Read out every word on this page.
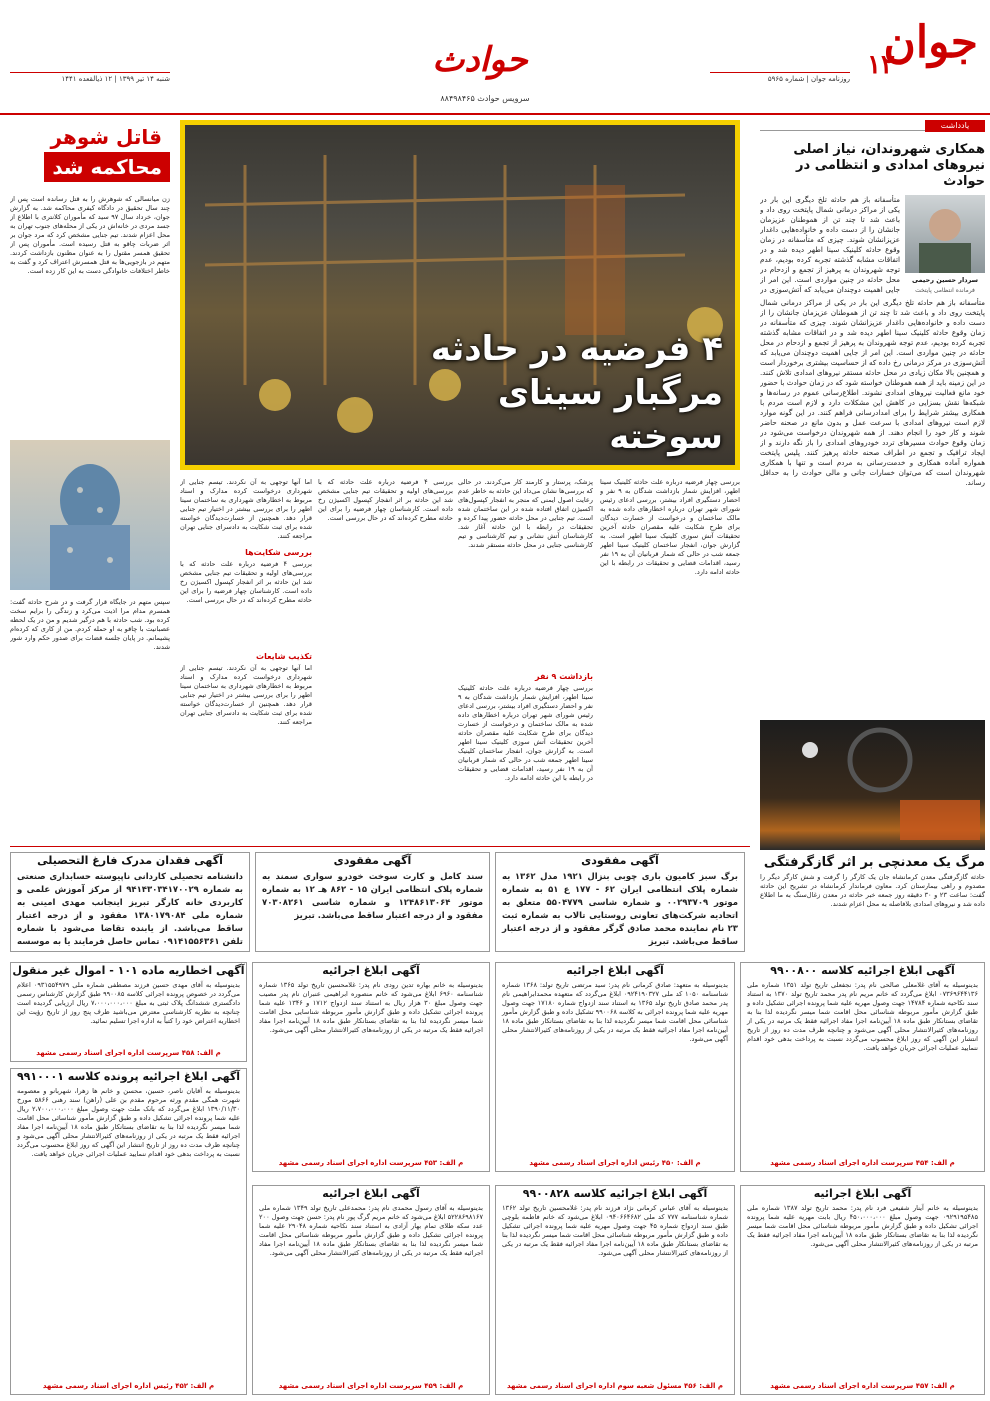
جوان
۱۲
روزنامه جوان | شماره ۵۹۶۵
حوادث
سرویس حوادث ۸۸۴۹۸۴۶۵
شنبه ۱۴ تیر ۱۳۹۹ | ۱۲ ذیالقعده ۱۴۴۱
یادداشت
همکاری شهروندان، نیاز اصلی نیروهای امدادی و انتظامی در حوادث
سردار حسین رحیمی
فرمانده انتظامی پایتخت
متأسفانه باز هم حادثه تلخ دیگری این بار در یکی از مراکز درمانی شمال پایتخت روی داد و باعث شد تا چند تن از هموطنان عزیزمان جانشان را از دست داده و خانواده‌هایی داغدار عزیزانشان شوند. چیزی که متأسفانه در زمان وقوع حادثه کلینیک سینا اطهر دیده شد و در اتفاقات مشابه گذشته تجربه کرده بودیم، عدم توجه شهروندان به پرهیز از تجمع و ازدحام در محل حادثه در چنین مواردی است. این امر از جایی اهمیت دوچندان می‌یابد که آتش‌سوزی در
متأسفانه باز هم حادثه تلخ دیگری این بار در یکی از مراکز درمانی شمال پایتخت روی داد و باعث شد تا چند تن از هموطنان عزیزمان جانشان را از دست داده و خانواده‌هایی داغدار عزیزانشان شوند. چیزی که متأسفانه در زمان وقوع حادثه کلینیک سینا اطهر دیده شد و در اتفاقات مشابه گذشته تجربه کرده بودیم، عدم توجه شهروندان به پرهیز از تجمع و ازدحام در محل حادثه در چنین مواردی است. این امر از جایی اهمیت دوچندان می‌یابد که آتش‌سوزی در مرکز درمانی رخ داده که از حساسیت بیشتری برخوردار است و همچنین بالا‌ مکان زیادی در محل حادثه مستقر نیروهای امدادی تلاش کنند. در این زمینه باید از همه هموطنان خواسته شود که در زمان حوادث با حضور خود مانع فعالیت نیروهای امدادی نشوند. اطلاع‌رسانی عموم در رسانه‌ها و شبکه‌ها نقش بسزایی در کاهش این مشکلات دارد و لازم است مردم با همکاری بیشتر شرایط را برای امدادرسانی فراهم کنند. در این گونه موارد لازم است نیروهای امدادی با سرعت عمل و بدون مانع در صحنه حاضر شوند و کار خود را انجام دهند. از همه شهروندان درخواست می‌شود در زمان وقوع حوادث مسیرهای تردد خودروهای امدادی را باز نگه دارند و از ایجاد ترافیک و تجمع در اطراف صحنه حادثه پرهیز کنند. پلیس پایتخت همواره آماده همکاری و خدمت‌رسانی به مردم است و تنها با همکاری شهروندان است که می‌توان خسارات جانی و مالی حوادث را به حداقل رساند.
مرگ یک معدنچی بر اثر گازگرفتگی
حادثه گازگرفتگی معدن کرمانشاه جان یک کارگر را گرفت و شش کارگر دیگر را مصدوم و راهی بیمارستان کرد. معاون فرماندار کرمانشاه در تشریح این حادثه گفت: ساعت ۲۳ و ۳۰ دقیقه روز جمعه خبر حادثه در معدن زغال‌سنگ به ما اطلاع داده شد و نیروهای امدادی بلافاصله به محل اعزام شدند.
۴ فرضیه در حادثه
مرگبار سینای سوخته
بررسی چهار فرضیه درباره علت حادثه کلینیک سینا اطهر، افزایش شمار بازداشت شدگان به ۹ نفر و احضار دستگیری افراد بیشتر، بررسی ادعای رئیس شورای شهر تهران درباره اخطارهای داده شده به مالک ساختمان و درخواست از خسارت دیدگان برای طرح شکایت علیه مقصران حادثه آخرین تحقیقات آتش سوزی کلینیک سینا اطهر است. به گزارش جوان، انفجار ساختمان کلینیک سینا اطهر جمعه شب در حالی که شمار قربانیان آن به ۱۹ نفر رسید، اقدامات قضایی و تحقیقات در رابطه با این حادثه ادامه دارد.
پزشک، پرستار و کارمند کار می‌کردند. در حالی که بررسی‌ها نشان می‌داد این حادثه به خاطر عدم رعایت اصول ایمنی که منجر به انفجار کپسول‌های اکسیژن اتفاق افتاده شده در این ساختمان شده است. تیم جنایی در محل حادثه حضور پیدا کرده و تحقیقات در رابطه با این حادثه آغاز شد. کارشناسان آتش نشانی و تیم کارشناسی و تیم کارشناسی جنایی در محل حادثه مستقر شدند.
بازداشت ۹ نفر
بررسی چهار فرضیه درباره علت حادثه کلینیک سینا اطهر، افزایش شمار بازداشت شدگان به ۹ نفر و احضار دستگیری افراد بیشتر، بررسی ادعای رئیس شورای شهر تهران درباره اخطارهای داده شده به مالک ساختمان و درخواست از خسارت دیدگان برای طرح شکایت علیه مقصران حادثه آخرین تحقیقات آتش سوزی کلینیک سینا اطهر است. به گزارش جوان، انفجار ساختمان کلینیک سینا اطهر جمعه شب در حالی که شمار قربانیان آن به ۱۹ نفر رسید، اقدامات قضایی و تحقیقات در رابطه با این حادثه ادامه دارد.
بررسی ۴ فرضیه درباره علت حادثه که با بررسی‌های اولیه و تحقیقات تیم جنایی مشخص شد این حادثه بر اثر انفجار کپسول اکسیژن رخ داده است. کارشناسان چهار فرضیه را برای این حادثه مطرح کرده‌اند که در حال بررسی است.
بررسی شکایت‌ها
اما آنها توجهی به آن نکردند. تیسم جنایی از شهرداری درخواست کرده مدارک و اسناد مربوط به اخطارهای شهرداری به ساختمان سینا اطهر را برای بررسی بیشتر در اختیار تیم جنایی قرار دهد. همچنین از خسارت‌دیدگان خواسته شده برای ثبت شکایت به دادسرای جنایی تهران مراجعه کنند.
بررسی ۴ فرضیه درباره علت حادثه که با بررسی‌های اولیه و تحقیقات تیم جنایی مشخص شد این حادثه بر اثر انفجار کپسول اکسیژن رخ داده است. کارشناسان چهار فرضیه را برای این حادثه مطرح کرده‌اند که در حال بررسی است.
تکذیب شایعات
اما آنها توجهی به آن نکردند. تیسم جنایی از شهرداری درخواست کرده مدارک و اسناد مربوط به اخطارهای شهرداری به ساختمان سینا اطهر را برای بررسی بیشتر در اختیار تیم جنایی قرار دهد. همچنین از خسارت‌دیدگان خواسته شده برای ثبت شکایت به دادسرای جنایی تهران مراجعه کنند.
قاتل شوهر
محاکمه شد
زن میانسالی که شوهرش را به قتل رسانده است پس از چند سال تحقیق در دادگاه کیفری محاکمه شد. به گزارش جوان، خرداد سال ۹۷ سید که مأموران کلانتری با اطلاع از جسد مردی در خانه‌اش در یکی از محله‌های جنوب تهران به محل اعزام شدند. تیم جنایی مشخص کرد که مرد جوان بر اثر ضربات چاقو به قتل رسیده است. مأموران پس از تحقیق همسر مقتول را به عنوان مظنون بازداشت کردند. متهم در بازجویی‌ها به قتل همسرش اعتراف کرد و گفت به خاطر اختلافات خانوادگی دست به این کار زده است.
سپس متهم در جایگاه قرار گرفت و در شرح حادثه گفت: همسرم مدام مرا اذیت می‌کرد و زندگی را برایم سخت کرده بود. شب حادثه با هم درگیر شدیم و من در یک لحظه عصبانیت با چاقو به او حمله کردم. من از کاری که کرده‌ام پشیمانم. در پایان جلسه قضات برای صدور حکم وارد شور شدند.
آگهی مفقودی
برگ سبز کامیون باری چوبی بنزال ۱۹۲۱ مدل ۱۳۶۲ به شماره پلاک انتظامی ایران ۶۲ - ۱۷۷ ع ۵۱ به شماره موتور ۰۰۲۹۳۷۰۹ و شماره شاسی ۵۵۰۴۷۷۹ متعلق به اتحادیه شرکت‌های تعاونی روستایی تالاب به شماره ثبت ۲۳ نام نماینده محمد صادق گرگر مفقود و از درجه اعتبار ساقط می‌باشد. تبریز
آگهی مفقودی
سند کامل و کارت سوخت خودرو سواری سمند به شماره پلاک انتظامی ایران ۱۵ - ۸۶۲ هـ ۱۲ به شماره موتور ۱۲۴۸۶۱۳۰۶۴ و شماره شاسی ۷۰۳۰۸۲۶۱ مفقود و از درجه اعتبار ساقط می‌باشد. تبریز
آگهی فقدان مدرک فارغ التحصیلی
دانشنامه تحصیلی کاردانی ناپیوسته حسابداری صنعتی به شماره ۹۴۱۴۳۰۳۴۱۷۰۰۲۹ از مرکز آموزش علمی و کاربردی خانه کارگر تبریز اینجانب مهدی امینی به شماره ملی ۱۳۸۰۱۷۹۰۸۴ مفقود و از درجه اعتبار ساقط می‌باشد. از یابنده تقاضا می‌شود با شماره تلفن ۰۹۱۴۱۵۵۶۳۶۱ تماس حاصل فرمایند یا به موسسه
آگهی ابلاغ اجرائیه کلاسه ۹۹۰۰۸۰۰
بدینوسیله به آقای غلامعلی صالحی نام پدر: نجفعلی تاریخ تولد ۱۳۵۱ شماره ملی ۰۷۳۶۹۶۴۴۱۳۶ ابلاغ می‌گردد که خانم مریم نام پدر محمد تاریخ تولد ۱۳۷۰ به استناد سند نکاحیه شماره ۱۴۷۸۴ جهت وصول مهریه علیه شما پرونده اجرائی تشکیل داده و طبق گزارش مأمور مربوطه شناسائی محل اقامت شما میسر نگردیده لذا بنا به تقاضای بستانکار طبق ماده ۱۸ آیین‌نامه اجرا مفاد اجرائیه فقط یک مرتبه در یکی از روزنامه‌های کثیرالانتشار محلی آگهی می‌شود و چنانچه ظرف مدت ده روز از تاریخ انتشار این آگهی که روز ابلاغ محسوب می‌گردد نسبت به پرداخت بدهی خود اقدام ننمایید عملیات اجرائی جریان خواهد یافت.
م الف: ۴۵۴ سرپرست اداره اجرای اسناد رسمی مشهد
آگهی ابلاغ اجرائیه
بدینوسیله به متعهد: صادق کرمانی نام پدر: سید مرتضی تاریخ تولد: ۱۳۶۸ شماره شناسنامه ۱۰۵۰ کد ملی ۰۹۲۴۱۹۰۳۲۷ ابلاغ می‌گردد که متعهده محمدابراهیمی نام پدر محمد صادق تاریخ تولد ۱۳۶۵ به استناد سند ازدواج شماره ۱۷۱۸۰ جهت وصول مهریه علیه شما پرونده اجرائی به کلاسه ۹۹۰۰۶۸ تشکیل داده و طبق گزارش مأمور شناسائی محل اقامت شما میسر نگردیده لذا بنا به تقاضای بستانکار طبق ماده ۱۸ آیین‌نامه اجرا مفاد اجرائیه فقط یک مرتبه در یکی از روزنامه‌های کثیرالانتشار محلی آگهی می‌شود.
م الف: ۴۵۰ رئیس اداره اجرای اسناد رسمی مشهد
آگهی ابلاغ اجرائیه
بدینوسیله به خانم بهاره تدین رودی نام پدر: غلامحسین تاریخ تولد ۱۳۶۵ شماره شناسنامه ۶۹۶۰ ابلاغ می‌شود که خانم منصوره ابراهیمی عنبران نام پدر مصیب جهت وصول مبلغ ۳۰ هزار ریال به استناد سند ازدواج ۱۷۱۲ و ۱۳۴۶ علیه شما پرونده اجرائی تشکیل داده و طبق گزارش مأمور مربوطه شناسایی محل اقامت شما میسر نگردیده لذا بنا به تقاضای بستانکار طبق ماده ۱۸ آیین‌نامه اجرا مفاد اجرائیه فقط یک مرتبه در یکی از روزنامه‌های کثیرالانتشار محلی آگهی می‌شود.
م الف: ۴۵۳ سرپرست اداره اجرای اسناد رسمی مشهد
آگهی اخطاریه ماده ۱۰۱ - اموال غیر منقول
بدینوسیله به آقای مهدی حسین فرزند مصطفی شماره ملی ۰۹۳۱۵۵۴۹۷۹ اعلام می‌گردد در خصوص پرونده اجرائی کلاسه ۹۹۰۰۸۵ طبق گزارش کارشناس رسمی دادگستری ششدانگ پلاک ثبتی به مبلغ ۷،۰۰۰،۰۰۰،۰۰۰ ریال ارزیابی گردیده است چنانچه به نظریه کارشناسی معترض می‌باشید ظرف پنج روز از تاریخ رؤیت این اخطاریه اعتراض خود را کتباً به اداره اجرا تسلیم نمائید.
م الف: ۴۵۸ سرپرست اداره اجرای اسناد رسمی مشهد
آگهی ابلاغ اجرائیه
بدینوسیله به خانم آینار شفیعی فرد نام پدر: محمد تاریخ تولد ۱۳۸۷ شماره ملی ۰۹۲۹۱۹۵۴۸۵ جهت وصول مبلغ ۴۵۰،۰۰۰،۰۰۰ ریال بابت مهریه علیه شما پرونده اجرائی تشکیل داده و طبق گزارش مأمور مربوطه شناسائی محل اقامت شما میسر نگردیده لذا بنا به تقاضای بستانکار طبق ماده ۱۸ آیین‌نامه اجرا مفاد اجرائیه فقط یک مرتبه در یکی از روزنامه‌های کثیرالانتشار محلی آگهی می‌شود.
م الف: ۴۵۷ سرپرست اداره اجرای اسناد رسمی مشهد
آگهی ابلاغ اجرائیه کلاسه ۹۹۰۰۸۲۸
بدینوسیله به آقای عباس کرمانی نژاد فرزند نام پدر: غلامحسین تاریخ تولد ۱۳۶۲ شماره شناسنامه ۷۷۷ کد ملی ۰۹۴۰۶۶۴۶۸۲ ابلاغ می‌شود که خانم فاطمه بلوچی طبق سند ازدواج شماره ۴۵ جهت وصول مهریه علیه شما پرونده اجرائی تشکیل داده و طبق گزارش مأمور مربوطه شناسائی محل اقامت شما میسر نگردیده لذا بنا به تقاضای بستانکار طبق ماده ۱۸ آیین‌نامه اجرا مفاد اجرائیه فقط یک مرتبه در یکی از روزنامه‌های کثیرالانتشار محلی آگهی می‌شود.
م الف: ۴۵۶ مسئول شعبه سوم اداره اجرای اسناد رسمی مشهد
آگهی ابلاغ اجرائیه
بدینوسیله به آقای رسول محمدی نام پدر: محمدعلی تاریخ تولد ۱۳۴۹ شماره ملی ۵۲۲۸۶۹۸۱۶۷ ابلاغ می‌شود که خانم مریم گرگ پور نام پدر: حسن جهت وصول ۲۰۰ عدد سکه طلای تمام بهار آزادی به استناد سند نکاحیه شماره ۲۹۰۴۸ علیه شما پرونده اجرائی تشکیل داده و طبق گزارش مأمور مربوطه شناسائی محل اقامت شما میسر نگردیده لذا بنا به تقاضای بستانکار طبق ماده ۱۸ آیین‌نامه اجرا مفاد اجرائیه فقط یک مرتبه در یکی از روزنامه‌های کثیرالانتشار محلی آگهی می‌شود.
م الف: ۴۵۹ سرپرست اداره اجرای اسناد رسمی مشهد
آگهی ابلاغ اجرائیه پرونده کلاسه ۹۹۱۰۰۰۱
بدینوسیله به آقایان ناصر، حسین، محسن و خانم ها زهرا، شهربانو و معصومه شهرت همگی مقدم ورثه مرحوم مقدم بن علی (راهن) سند رهنی ۵۸۶۶ مورخ ۱۳۹۰/۱۱/۳۰ ابلاغ می‌گردد که بانک ملت جهت وصول مبلغ ۲،۷۰۰،۰۰۰،۰۰۰ ریال علیه شما پرونده اجرائی تشکیل داده و طبق گزارش مأمور شناسائی محل اقامت شما میسر نگردیده لذا بنا به تقاضای بستانکار طبق ماده ۱۸ آیین‌نامه اجرا مفاد اجرائیه فقط یک مرتبه در یکی از روزنامه‌های کثیرالانتشار محلی آگهی می‌شود و چنانچه ظرف مدت ده روز از تاریخ انتشار این آگهی که روز ابلاغ محسوب می‌گردد نسبت به پرداخت بدهی خود اقدام ننمایید عملیات اجرائی جریان خواهد یافت.
م الف: ۴۵۲ رئیس اداره اجرای اسناد رسمی مشهد
